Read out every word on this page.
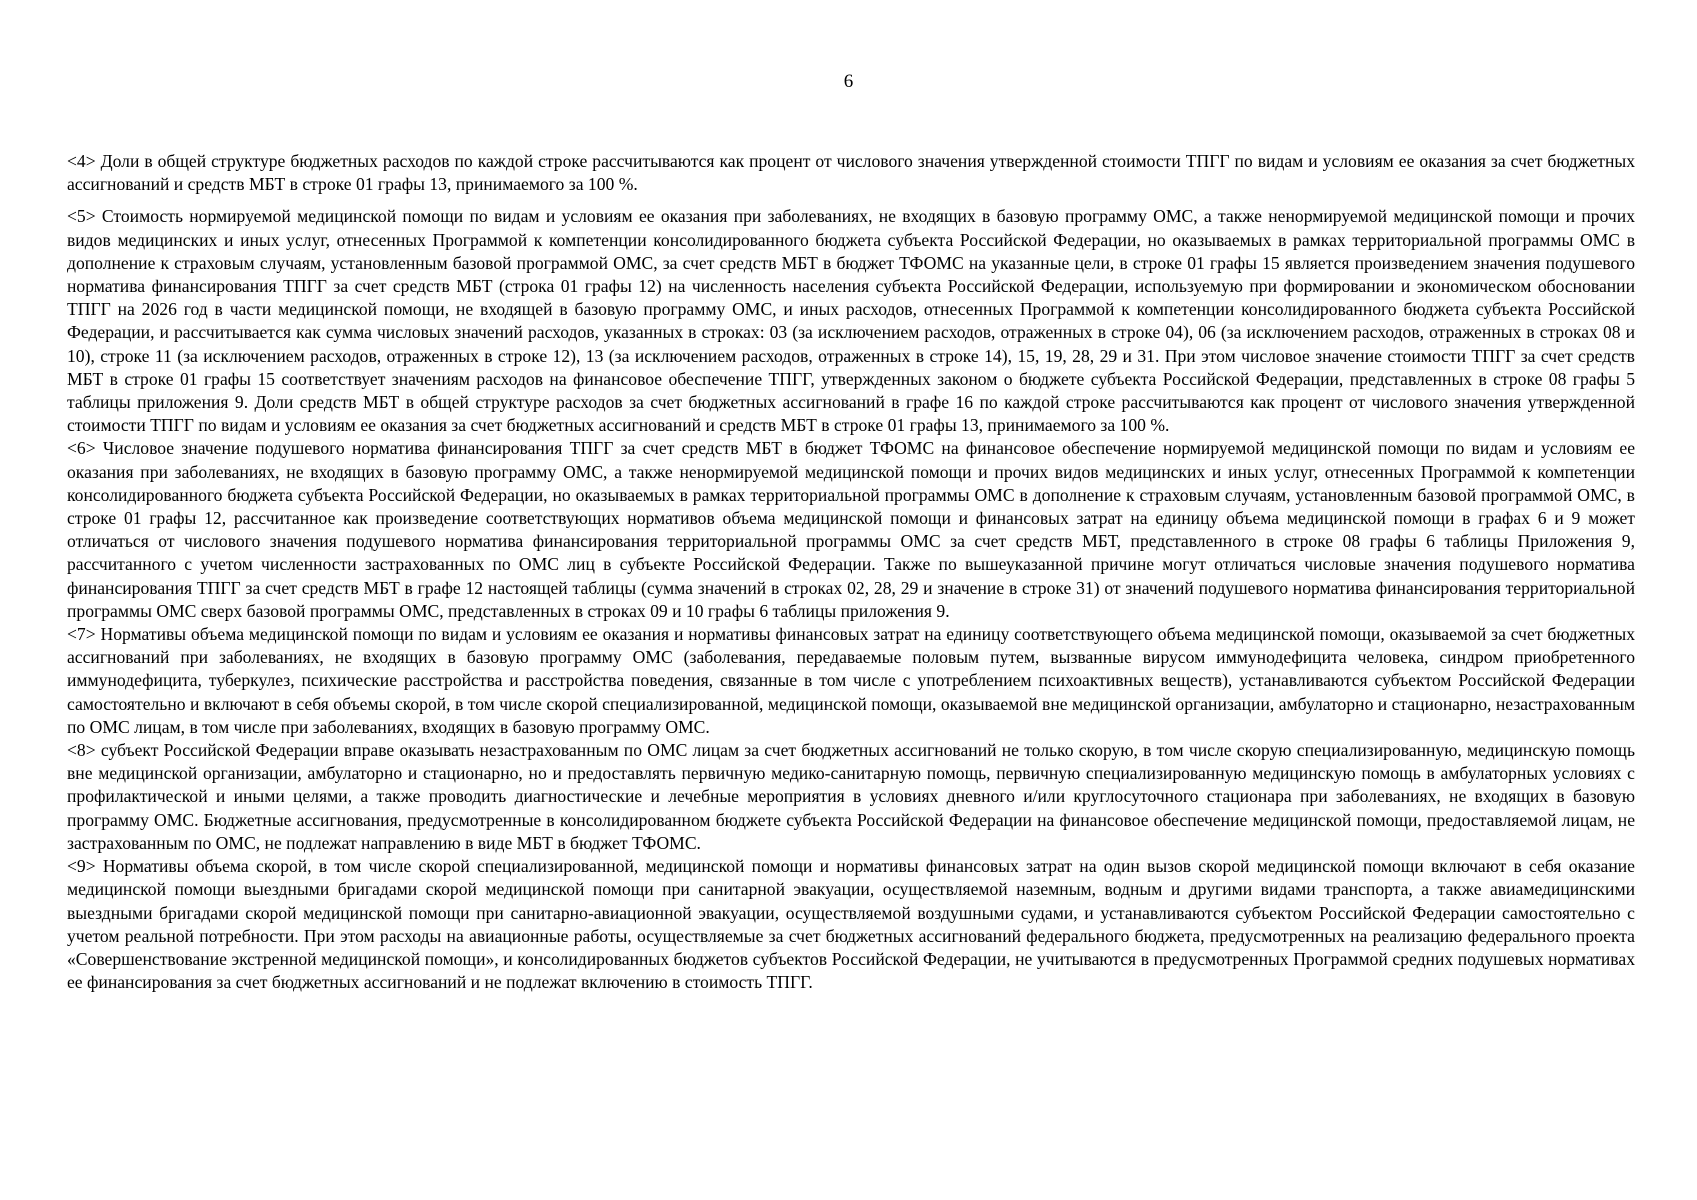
6

<4> Доли в общей структуре бюджетных расходов по каждой строке рассчитываются как процент от числового значения утвержденной стоимости ТПГГ по видам и условиям ее оказания за счет бюджетных ассигнований и средств МБТ в строке 01 графы 13, принимаемого за 100 %.

<5> Стоимость нормируемой медицинской помощи по видам и условиям ее оказания при заболеваниях, не входящих в базовую программу ОМС, а также ненормируемой медицинской помощи и прочих видов медицинских и иных услуг, отнесенных Программой к компетенции консолидированного бюджета субъекта Российской Федерации, но оказываемых в рамках территориальной программы ОМС в дополнение к страховым случаям, установленным базовой программой ОМС, за счет средств МБТ в бюджет ТФОМС на указанные цели, в строке 01 графы 15 является произведением значения подушевого норматива финансирования ТПГГ за счет средств МБТ (строка 01 графы 12) на численность населения субъекта Российской Федерации, используемую при формировании и экономическом обосновании ТПГГ на 2026 год в части медицинской помощи, не входящей в базовую программу ОМС, и иных расходов, отнесенных Программой к компетенции консолидированного бюджета субъекта Российской Федерации, и рассчитывается как сумма числовых значений расходов, указанных в строках: 03 (за исключением расходов, отраженных в строке 04), 06 (за исключением расходов, отраженных в строках 08 и 10), строке 11 (за исключением расходов, отраженных в строке 12), 13 (за исключением расходов, отраженных в строке 14), 15, 19, 28, 29 и 31. При этом числовое значение стоимости ТПГГ за счет средств МБТ в строке 01 графы 15 соответствует значениям расходов на финансовое обеспечение ТПГГ, утвержденных законом о бюджете субъекта Российской Федерации, представленных в строке 08 графы 5 таблицы приложения 9. Доли средств МБТ в общей структуре расходов за счет бюджетных ассигнований в графе 16 по каждой строке рассчитываются как процент от числового значения утвержденной стоимости ТПГГ по видам и условиям ее оказания за счет бюджетных ассигнований и средств МБТ в строке 01 графы 13, принимаемого за 100 %.

<6> Числовое значение подушевого норматива финансирования ТПГГ за счет средств МБТ в бюджет ТФОМС на финансовое обеспечение нормируемой медицинской помощи по видам и условиям ее оказания при заболеваниях, не входящих в базовую программу ОМС, а также ненормируемой медицинской помощи и прочих видов медицинских и иных услуг, отнесенных Программой к компетенции консолидированного бюджета субъекта Российской Федерации, но оказываемых в рамках территориальной программы ОМС в дополнение к страховым случаям, установленным базовой программой ОМС, в строке 01 графы 12, рассчитанное как произведение соответствующих нормативов объема медицинской помощи и финансовых затрат на единицу объема медицинской помощи в графах 6 и 9 может отличаться от числового значения подушевого норматива финансирования территориальной программы ОМС за счет средств МБТ, представленного в строке 08 графы 6 таблицы Приложения 9, рассчитанного с учетом численности застрахованных по ОМС лиц в субъекте Российской Федерации. Также по вышеуказанной причине могут отличаться числовые значения подушевого норматива финансирования ТПГГ за счет средств МБТ в графе 12 настоящей таблицы (сумма значений в строках 02, 28, 29 и значение в строке 31) от значений подушевого норматива финансирования территориальной программы ОМС сверх базовой программы ОМС, представленных в строках 09 и 10 графы 6 таблицы приложения 9.

<7> Нормативы объема медицинской помощи по видам и условиям ее оказания и нормативы финансовых затрат на единицу соответствующего объема медицинской помощи, оказываемой за счет бюджетных ассигнований при заболеваниях, не входящих в базовую программу ОМС (заболевания, передаваемые половым путем, вызванные вирусом иммунодефицита человека, синдром приобретенного иммунодефицита, туберкулез, психические расстройства и расстройства поведения, связанные в том числе с употреблением психоактивных веществ), устанавливаются субъектом Российской Федерации самостоятельно и включают в себя объемы скорой, в том числе скорой специализированной, медицинской помощи, оказываемой вне медицинской организации, амбулаторно и стационарно, незастрахованным по ОМС лицам, в том числе при заболеваниях, входящих в базовую программу ОМС.

<8> субъект Российской Федерации вправе оказывать незастрахованным по ОМС лицам за счет бюджетных ассигнований не только скорую, в том числе скорую специализированную, медицинскую помощь вне медицинской организации, амбулаторно и стационарно, но и предоставлять первичную медико-санитарную помощь, первичную специализированную медицинскую помощь в амбулаторных условиях с профилактической и иными целями, а также проводить диагностические и лечебные мероприятия в условиях дневного и/или круглосуточного стационара при заболеваниях, не входящих в базовую программу ОМС. Бюджетные ассигнования, предусмотренные в консолидированном бюджете субъекта Российской Федерации на финансовое обеспечение медицинской помощи, предоставляемой лицам, не застрахованным по ОМС, не подлежат направлению в виде МБТ в бюджет ТФОМС.

<9> Нормативы объема скорой, в том числе скорой специализированной, медицинской помощи и нормативы финансовых затрат на один вызов скорой медицинской помощи включают в себя оказание медицинской помощи выездными бригадами скорой медицинской помощи при санитарной эвакуации, осуществляемой наземным, водным и другими видами транспорта, а также авиамедицинскими выездными бригадами скорой медицинской помощи при санитарно-авиационной эвакуации, осуществляемой воздушными судами, и устанавливаются субъектом Российской Федерации самостоятельно с учетом реальной потребности. При этом расходы на авиационные работы, осуществляемые за счет бюджетных ассигнований федерального бюджета, предусмотренных на реализацию федерального проекта «Совершенствование экстренной медицинской помощи», и консолидированных бюджетов субъектов Российской Федерации, не учитываются в предусмотренных Программой средних подушевых нормативах ее финансирования за счет бюджетных ассигнований и не подлежат включению в стоимость ТПГГ.
